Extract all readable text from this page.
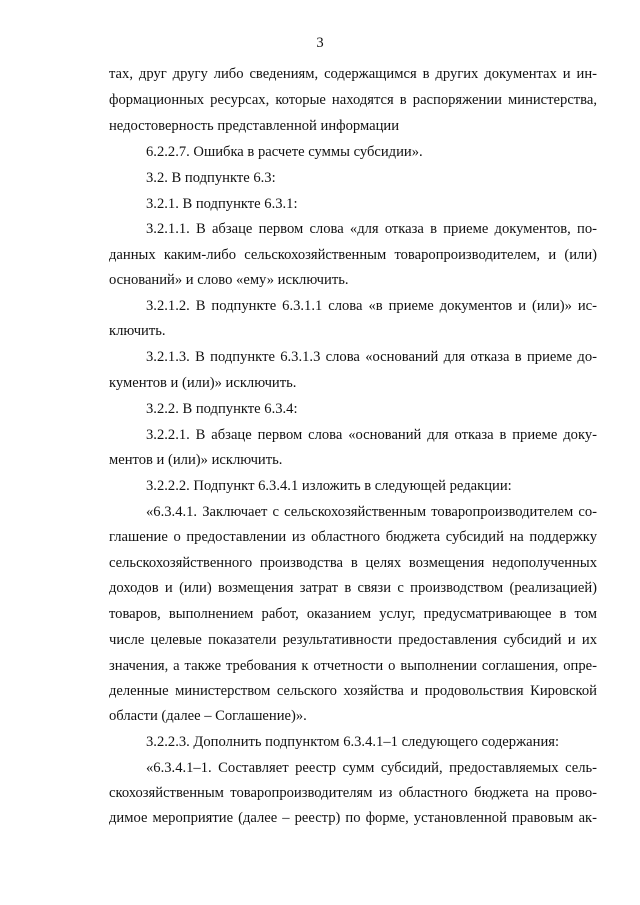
3
тах, друг другу либо сведениям, содержащимся в других документах и ин-
формационных ресурсах, которые находятся в распоряжении министерства,
недостоверность представленной информации
6.2.2.7. Ошибка в расчете суммы субсидии».
3.2. В подпункте 6.3:
3.2.1. В подпункте 6.3.1:
3.2.1.1. В абзаце первом слова «для отказа в приеме документов, по-
данных каким-либо сельскохозяйственным товаропроизводителем, и (или)
оснований» и слово «ему» исключить.
3.2.1.2. В подпункте 6.3.1.1 слова «в приеме документов и (или)» ис-
ключить.
3.2.1.3. В подпункте 6.3.1.3 слова «оснований для отказа в приеме до-
кументов и (или)» исключить.
3.2.2. В подпункте 6.3.4:
3.2.2.1. В абзаце первом слова «оснований для отказа в приеме доку-
ментов и (или)» исключить.
3.2.2.2. Подпункт 6.3.4.1 изложить в следующей редакции:
«6.3.4.1. Заключает с сельскохозяйственным товаропроизводителем со-
глашение о предоставлении из областного бюджета субсидий на поддержку
сельскохозяйственного производства в целях возмещения недополученных
доходов и (или) возмещения затрат в связи с производством (реализацией)
товаров, выполнением работ, оказанием услуг, предусматривающее в том
числе целевые показатели результативности предоставления субсидий и их
значения, а также требования к отчетности о выполнении соглашения, опре-
деленные министерством сельского хозяйства и продовольствия Кировской
области (далее – Соглашение)».
3.2.2.3. Дополнить подпунктом 6.3.4.1–1 следующего содержания:
«6.3.4.1–1. Составляет реестр сумм субсидий, предоставляемых сель-
скохозяйственным товаропроизводителям из областного бюджета на прово-
димое мероприятие (далее – реестр) по форме, установленной правовым ак-
